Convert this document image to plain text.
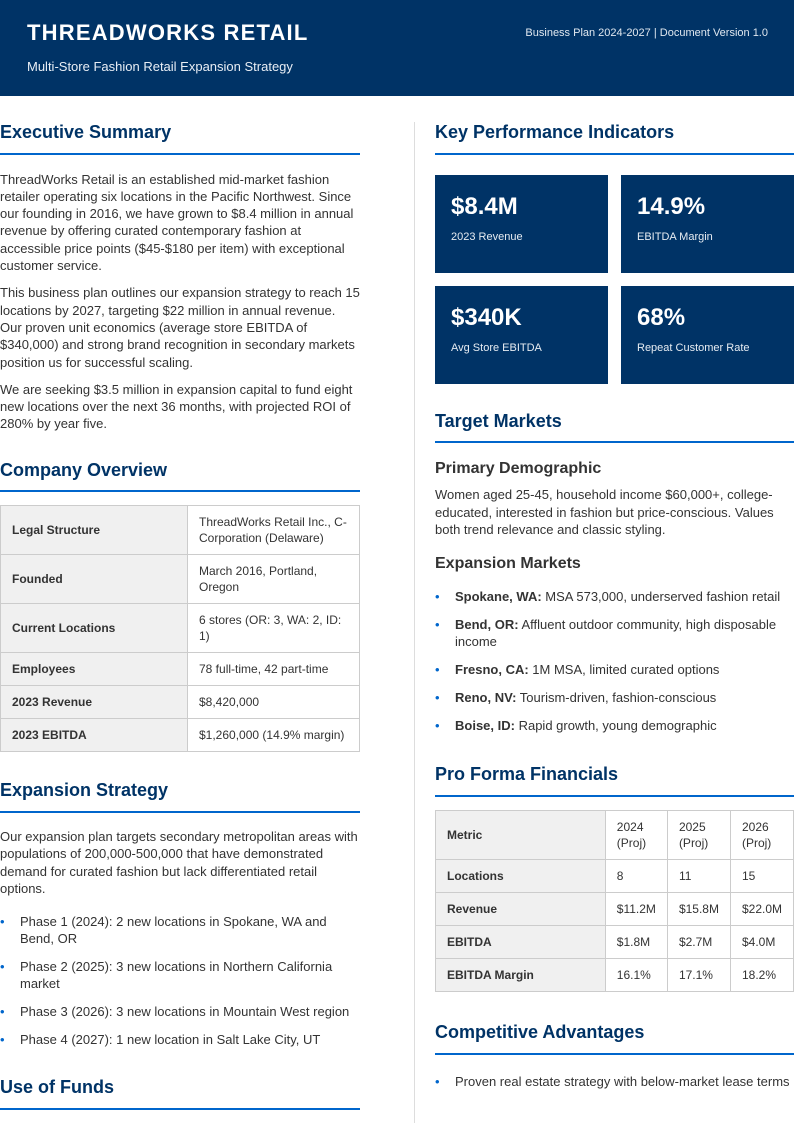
THREADWORKS RETAIL
Multi-Store Fashion Retail Expansion Strategy
Business Plan 2024-2027 | Document Version 1.0
Executive Summary

ThreadWorks Retail is an established mid-market fashion retailer operating six locations in the Pacific Northwest. Since our founding in 2016, we have grown to $8.4 million in annual revenue by offering curated contemporary fashion at accessible price points ($45-$180 per item) with exceptional customer service.

This business plan outlines our expansion strategy to reach 15 locations by 2027, targeting $22 million in annual revenue. Our proven unit economics (average store EBITDA of $340,000) and strong brand recognition in secondary markets position us for successful scaling.

We are seeking $3.5 million in expansion capital to fund eight new locations over the next 36 months, with projected ROI of 280% by year five.

Company Overview
Legal Structure	ThreadWorks Retail Inc., C-Corporation (Delaware)
Founded	March 2016, Portland, Oregon
Current Locations	6 stores (OR: 3, WA: 2, ID: 1)
Employees	78 full-time, 42 part-time
2023 Revenue	$8,420,000
2023 EBITDA	$1,260,000 (14.9% margin)
Expansion Strategy

Our expansion plan targets secondary metropolitan areas with populations of 200,000-500,000 that have demonstrated demand for curated fashion but lack differentiated retail options.

• Phase 1 (2024): 2 new locations in Spokane, WA and Bend, OR
• Phase 2 (2025): 3 new locations in Northern California market
• Phase 3 (2026): 3 new locations in Mountain West region
• Phase 4 (2027): 1 new location in Salt Lake City, UT
Use of Funds
Key Performance Indicators
$8.4M
2023 Revenue
14.9%
EBITDA Margin
$340K
Avg Store EBITDA
68%
Repeat Customer Rate
Target Markets
Primary Demographic

Women aged 25-45, household income $60,000+, college-educated, interested in fashion but price-conscious. Values both trend relevance and classic styling.

Expansion Markets
• Spokane, WA: MSA 573,000, underserved fashion retail
• Bend, OR: Affluent outdoor community, high disposable income
• Fresno, CA: 1M MSA, limited curated options
• Reno, NV: Tourism-driven, fashion-conscious
• Boise, ID: Rapid growth, young demographic
Pro Forma Financials
Metric	2024 (Proj)	2025 (Proj)	2026 (Proj)
Locations	8	11	15
Revenue	$11.2M	$15.8M	$22.0M
EBITDA	$1.8M	$2.7M	$4.0M
EBITDA Margin	16.1%	17.1%	18.2%
Competitive Advantages
• Proven real estate strategy with below-market lease terms
